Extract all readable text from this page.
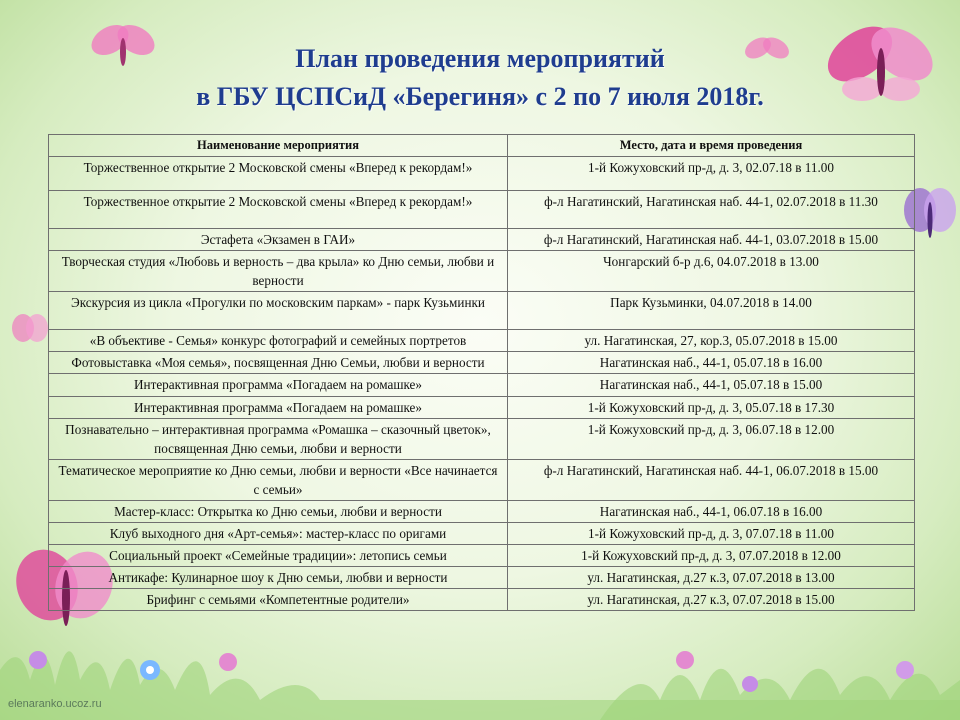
План проведения мероприятий
в ГБУ ЦСПСиД «Берегиня» с 2 по 7 июля 2018г.
Наименование мероприятия	Место, дата и время проведения
Торжественное открытие 2 Московской смены «Вперед к рекордам!»	1-й Кожуховский пр-д, д. 3, 02.07.18 в 11.00
Торжественное открытие 2 Московской смены «Вперед к рекордам!»	ф-л Нагатинский, Нагатинская наб. 44-1, 02.07.2018 в 11.30
Эстафета «Экзамен в ГАИ»	ф-л Нагатинский, Нагатинская наб. 44-1, 03.07.2018 в 15.00
Творческая студия «Любовь и верность – два крыла» ко Дню семьи, любви и верности	Чонгарский б-р д.6, 04.07.2018 в 13.00
Экскурсия из цикла «Прогулки по московским паркам» - парк Кузьминки	Парк Кузьминки, 04.07.2018 в 14.00
«В объективе - Семья» конкурс фотографий и семейных портретов	ул. Нагатинская, 27, кор.3, 05.07.2018 в 15.00
Фотовыставка «Моя семья», посвященная Дню Семьи, любви и верности	Нагатинская наб., 44-1, 05.07.18 в 16.00
Интерактивная программа «Погадаем на ромашке»	Нагатинская наб., 44-1, 05.07.18 в 15.00
Интерактивная программа «Погадаем на ромашке»	1-й Кожуховский пр-д, д. 3, 05.07.18 в 17.30
Познавательно – интерактивная программа «Ромашка – сказочный цветок», посвященная Дню семьи, любви и верности	1-й Кожуховский пр-д, д. 3, 06.07.18 в 12.00
Тематическое мероприятие ко Дню семьи, любви и верности «Все начинается с семьи»	ф-л Нагатинский, Нагатинская наб. 44-1, 06.07.2018 в 15.00
Мастер-класс: Открытка ко Дню семьи, любви и верности	Нагатинская наб., 44-1, 06.07.18 в 16.00
Клуб выходного дня «Арт-семья»: мастер-класс по оригами	1-й Кожуховский пр-д, д. 3, 07.07.18 в 11.00
Социальный проект «Семейные традиции»: летопись семьи	1-й Кожуховский пр-д, д. 3, 07.07.2018 в 12.00
Антикафе: Кулинарное шоу к Дню семьи, любви и верности	ул. Нагатинская, д.27 к.3, 07.07.2018 в 13.00
Брифинг с семьями «Компетентные родители»	ул. Нагатинская, д.27 к.3, 07.07.2018 в 15.00
elenaranko.ucoz.ru
